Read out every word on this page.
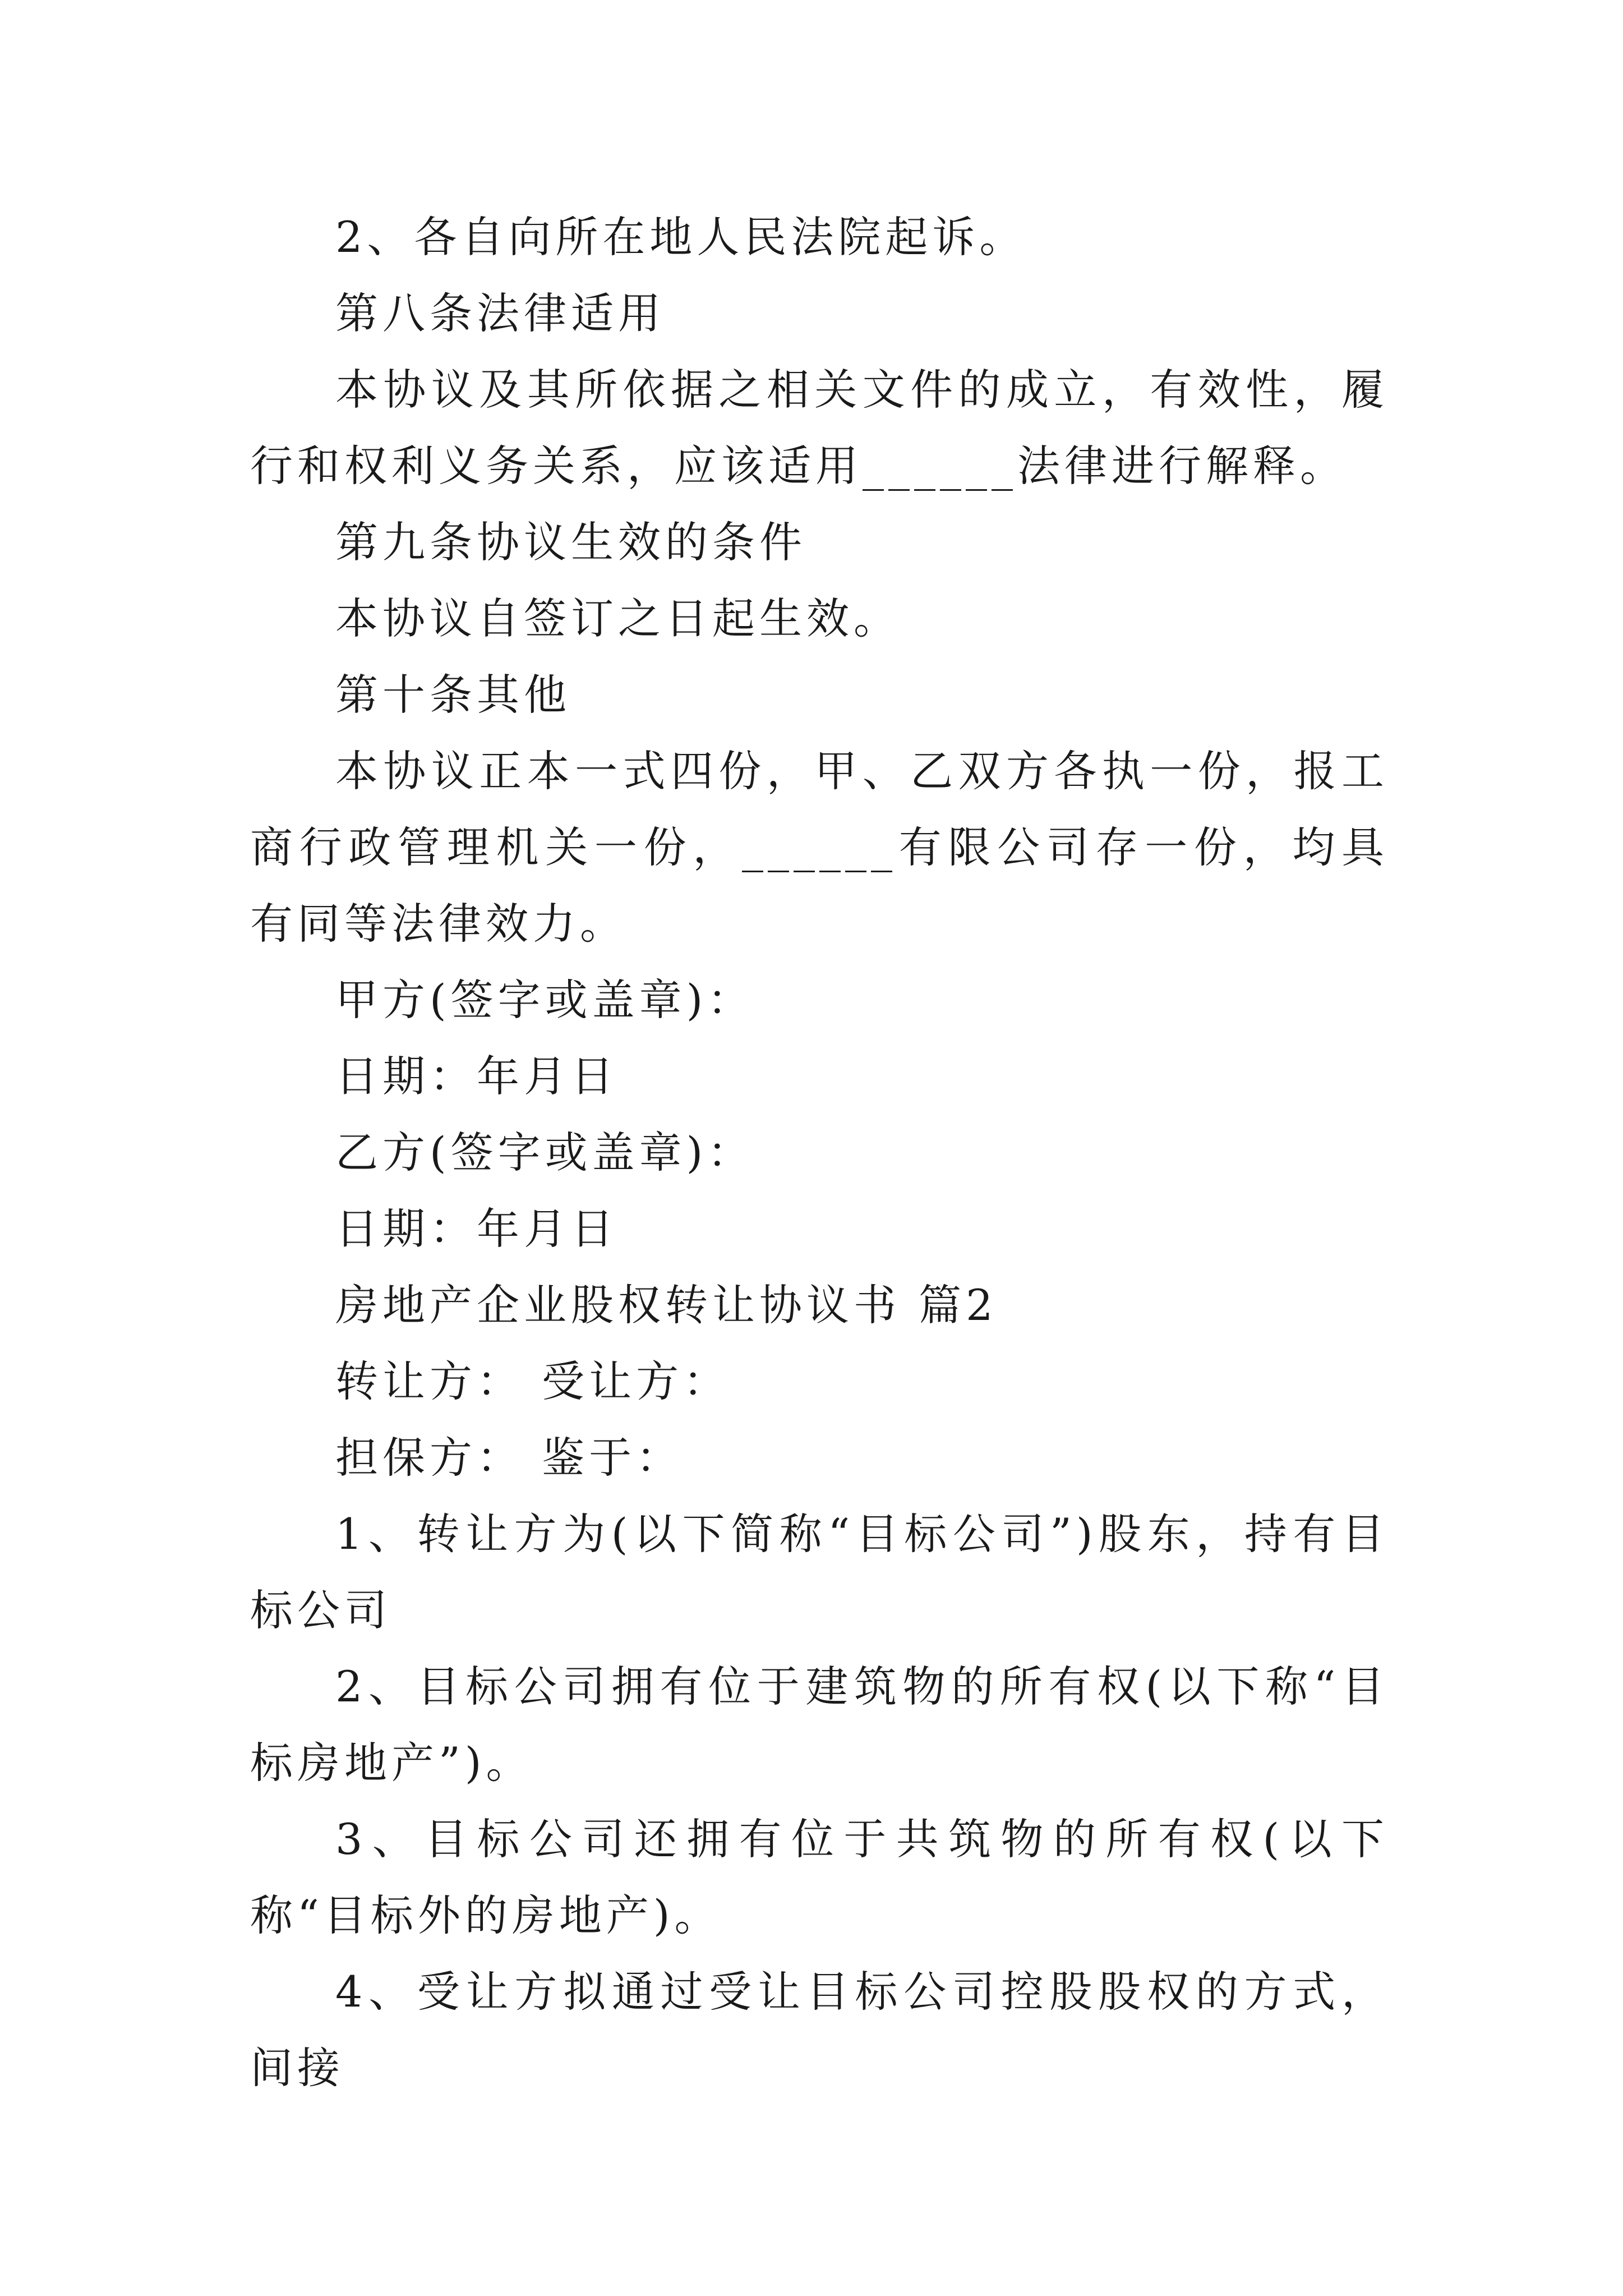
2、各自向所在地人民法院起诉。

第八条法律适用

本协议及其所依据之相关文件的成立，有效性，履行和权利义务关系，应该适用______法律进行解释。

第九条协议生效的条件

本协议自签订之日起生效。

第十条其他

本协议正本一式四份，甲、乙双方各执一份，报工商行政管理机关一份，______有限公司存一份，均具有同等法律效力。

甲方(签字或盖章)：

日期：年月日

乙方(签字或盖章)：

日期：年月日

房地产企业股权转让协议书 篇2

转让方： 受让方：

担保方： 鉴于：

1、转让方为(以下简称“目标公司”)股东，持有目标公司

2、目标公司拥有位于建筑物的所有权(以下称“目标房地产”)。

3、目标公司还拥有位于共筑物的所有权(以下称“目标外的房地产)。

4、受让方拟通过受让目标公司控股股权的方式，间接
